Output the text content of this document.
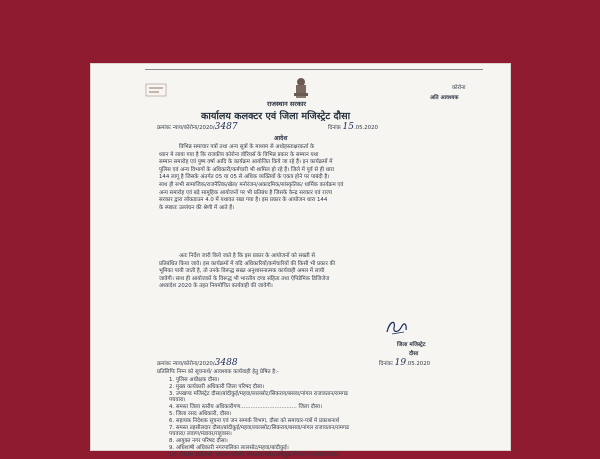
कोरोना
अति आवश्यक
राजस्थान सरकार
कार्यालय कलक्टर एवं जिला मजिस्ट्रेट दौसा
क्रमांकः न्याय/कोरोना/2020/3487	दिनांक 15.05.2020
आदेश
विभिन्न समाचार पत्रों तथा अन्य सूत्रों के माध्यम से अधोहस्ताक्षरकर्ता के
ध्यान मे लाया गया है कि राजकीय कोरोना वॉरियर्स के विभिन्न प्रकार के सम्मान यथा
सम्मान समारोह एवं पुष्प वर्षा आदि के कार्यक्रम आयोजित किये जा रहे हैं। इन कार्यक्रमों में
पुलिस एवं अन्य विभागों के अधिकारी/कर्मचारी भी शामिल हो रहे हैं। जिले में पूर्व से ही धारा
144 लागू है जिसके अंतर्गत 05 या 05 से अधिक व्यक्तियों के एकत्र होने पर पाबंदी है।
साथ ही सभी सामाजिक/राजनैतिक/खेल/ मनोरंजन/अकादमिक/सांस्कृतिक/ धार्मिक कार्यक्रम एवं
अन्य समारोह एवं बड़े सामूहिक आयोजनों पर भी प्रतिबंध है जिसके केन्द्र सरकार एवं राज्य
सरकार द्वारा लॉकडाउन 4.0 में यथावत रखा गया है। इस प्रकार के आयोजन धारा 144
के स्पष्टतः उल्लंघन की श्रेणी में आते हैं।
अतः निर्देश जारी किये जाते है कि इस प्रकार के आयोजनों को सख्ती से
प्रतिबंधित किया जावे। इस कार्यक्रमों में यदि अधिकारियों/कर्मचारियों की किसी भी प्रकार की
भूमिका पायी जाती है, तो उनके विरूद्ध सख्त अनुशासनात्मक कार्यवाही अमल में लायी
जावेगी। साथ ही आयोजकों के विरूद्ध भी भारतीय दण्ड संहिता तथा ऐपिडेमिक डिजिजेज
अध्यादेश 2020 के तहत नियमोचित कार्यवाही की जावेगी।
जिला मजिस्ट्रेट
दौसा
क्रमांकः न्याय/कोरोना/2020/3488	दिनांकः 19.05.2020
प्रतिलिपिः निम्न को सूचनार्थ/ आवश्यक कार्यवाही हेतु प्रेषित है:-
1. पुलिस अधीक्षक दौसा।
2. मुख्य कार्यकारी अधिकारी जिला परिषद दौसा।
3. उपखण्ड मजिस्ट्रेट दौसा/बांदीकुई/महवा/लालसोट/सिकराय/बसवा/नांगल राजावतान/रामगढ
पचवारा।
4. समस्त जिला स्तरीय अधिकारीगण................................. जिला दौसा।
5. जिला रसद अधिकारी, दौसा।
6. सहायक निदेशक सूचना एवं जन सम्पर्क विभाग, दौसा को समाचार-पत्रों मे प्रकाशनार्थ
7. समस्त तहसीलदार दौसा/बांदीकुई/महवा/लालसोट/सिकराय/बसवा/नांगल राजावतान/रामगढ
पचवारा/ लवाण/मंडावर/राहुवास।
8. आयुक्त नगर परिषद दौसा।
9. अधिशाषी अधिकारी नगरपालिका लालसोट/महवा/बांदीकुई।
10. विकास अधिकारी, पंचायत समिति दौसा/लालसोट/बांदीकुई/सिकराय,/महवा/लवाण।
